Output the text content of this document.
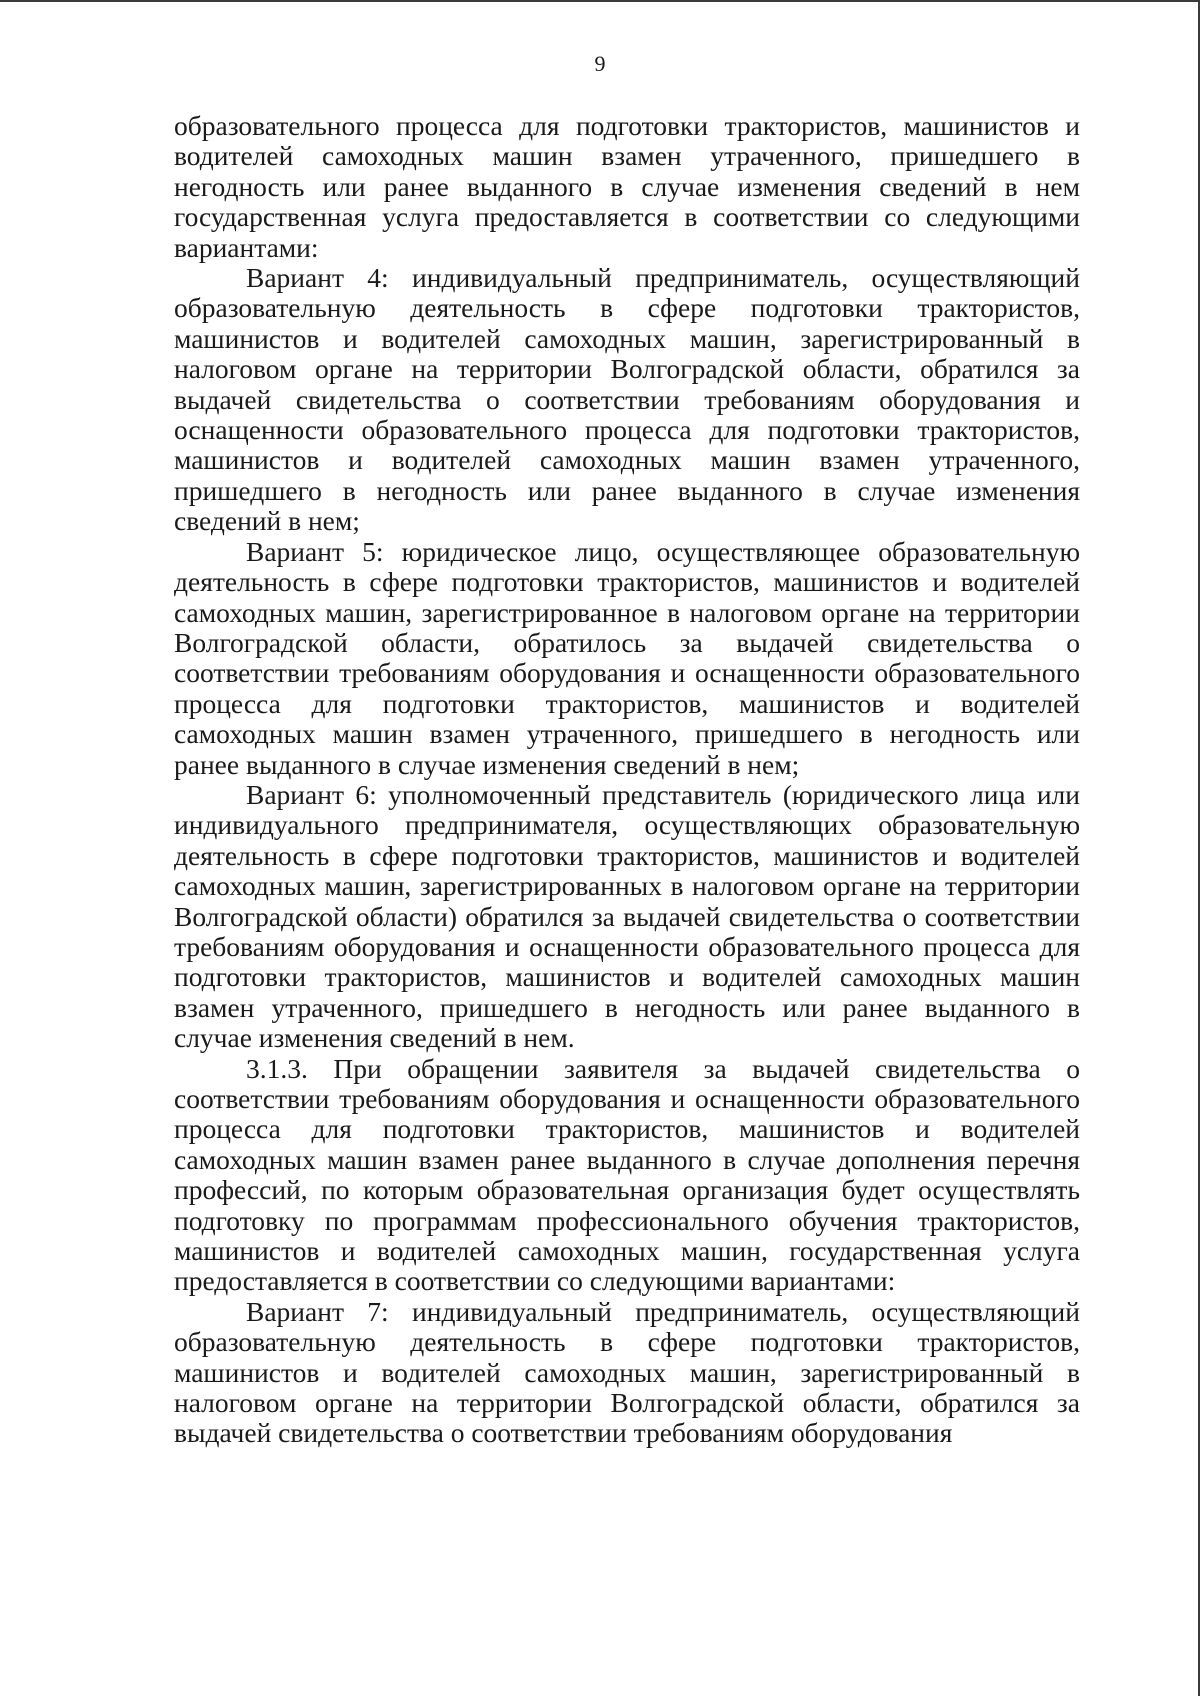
9

образовательного процесса для подготовки трактористов, машинистов и водителей самоходных машин взамен утраченного, пришедшего в негодность или ранее выданного в случае изменения сведений в нем государственная услуга предоставляется в соответствии со следующими вариантами:

Вариант 4: индивидуальный предприниматель, осуществляющий образовательную деятельность в сфере подготовки трактористов, машинистов и водителей самоходных машин, зарегистрированный в налоговом органе на территории Волгоградской области, обратился за выдачей свидетельства о соответствии требованиям оборудования и оснащенности образовательного процесса для подготовки трактористов, машинистов и водителей самоходных машин взамен утраченного, пришедшего в негодность или ранее выданного в случае изменения сведений в нем;

Вариант 5: юридическое лицо, осуществляющее образовательную деятельность в сфере подготовки трактористов, машинистов и водителей самоходных машин, зарегистрированное в налоговом органе на территории Волгоградской области, обратилось за выдачей свидетельства о соответствии требованиям оборудования и оснащенности образовательного процесса для подготовки трактористов, машинистов и водителей самоходных машин взамен утраченного, пришедшего в негодность или ранее выданного в случае изменения сведений в нем;

Вариант 6: уполномоченный представитель (юридического лица или индивидуального предпринимателя, осуществляющих образовательную деятельность в сфере подготовки трактористов, машинистов и водителей самоходных машин, зарегистрированных в налоговом органе на территории Волгоградской области) обратился за выдачей свидетельства о соответствии требованиям оборудования и оснащенности образовательного процесса для подготовки трактористов, машинистов и водителей самоходных машин взамен утраченного, пришедшего в негодность или ранее выданного в случае изменения сведений в нем.

3.1.3. При обращении заявителя за выдачей свидетельства о соответствии требованиям оборудования и оснащенности образовательного процесса для подготовки трактористов, машинистов и водителей самоходных машин взамен ранее выданного в случае дополнения перечня профессий, по которым образовательная организация будет осуществлять подготовку по программам профессионального обучения трактористов, машинистов и водителей самоходных машин, государственная услуга предоставляется в соответствии со следующими вариантами:

Вариант 7: индивидуальный предприниматель, осуществляющий образовательную деятельность в сфере подготовки трактористов, машинистов и водителей самоходных машин, зарегистрированный в налоговом органе на территории Волгоградской области, обратился за выдачей свидетельства о соответствии требованиям оборудования
